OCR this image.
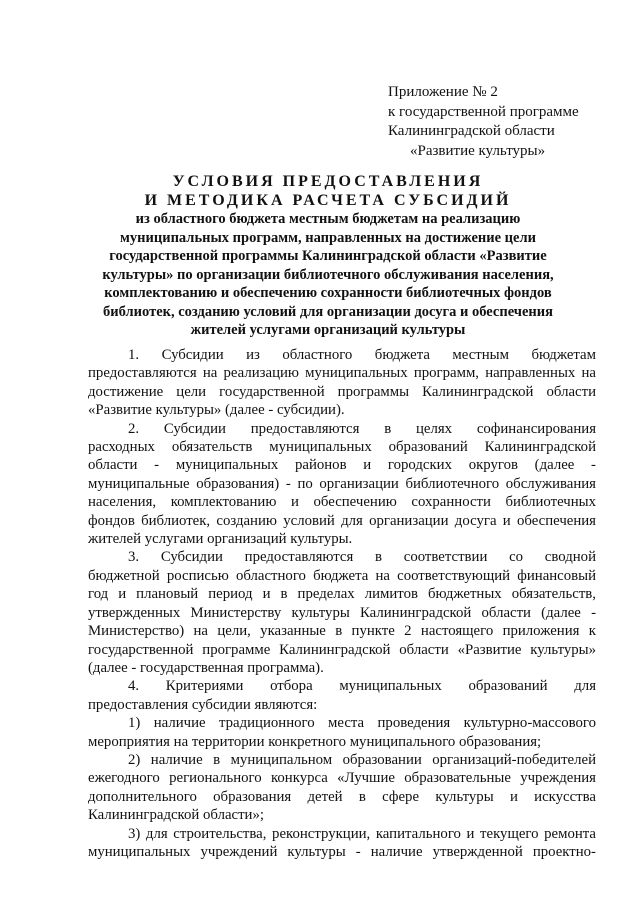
Приложение № 2
к государственной программе
Калининградской области
«Развитие культуры»
УСЛОВИЯ ПРЕДОСТАВЛЕНИЯ
И МЕТОДИКА РАСЧЕТА СУБСИДИЙ
из областного бюджета местным бюджетам на реализацию
муниципальных программ, направленных на достижение цели
государственной программы Калининградской области «Развитие
культуры» по организации библиотечного обслуживания населения,
комплектованию и обеспечению сохранности библиотечных фондов
библиотек, созданию условий для организации досуга и обеспечения
жителей услугами организаций культуры
1. Субсидии из областного бюджета местным бюджетам
предоставляются на реализацию муниципальных программ, направленных на
достижение цели государственной программы Калининградской области
«Развитие культуры» (далее - субсидии).
2. Субсидии предоставляются в целях софинансирования
расходных обязательств муниципальных образований Калининградской
области - муниципальных районов и городских округов (далее -
муниципальные образования) - по организации библиотечного обслуживания
населения, комплектованию и обеспечению сохранности библиотечных
фондов библиотек, созданию условий для организации досуга и обеспечения
жителей услугами организаций культуры.
3. Субсидии предоставляются в соответствии со сводной
бюджетной росписью областного бюджета на соответствующий финансовый
год и плановый период и в пределах лимитов бюджетных обязательств,
утвержденных Министерству культуры Калининградской области (далее -
Министерство) на цели, указанные в пункте 2 настоящего приложения к
государственной программе Калининградской области «Развитие культуры»
(далее - государственная программа).
4. Критериями отбора муниципальных образований для
предоставления субсидии являются:
1) наличие традиционного места проведения культурно-массового
мероприятия на территории конкретного муниципального образования;
2) наличие в муниципальном образовании организаций-победителей
ежегодного регионального конкурса «Лучшие образовательные учреждения
дополнительного образования детей в сфере культуры и искусства
Калининградской области»;
3) для строительства, реконструкции, капитального и текущего ремонта
муниципальных учреждений культуры - наличие утвержденной проектно-
